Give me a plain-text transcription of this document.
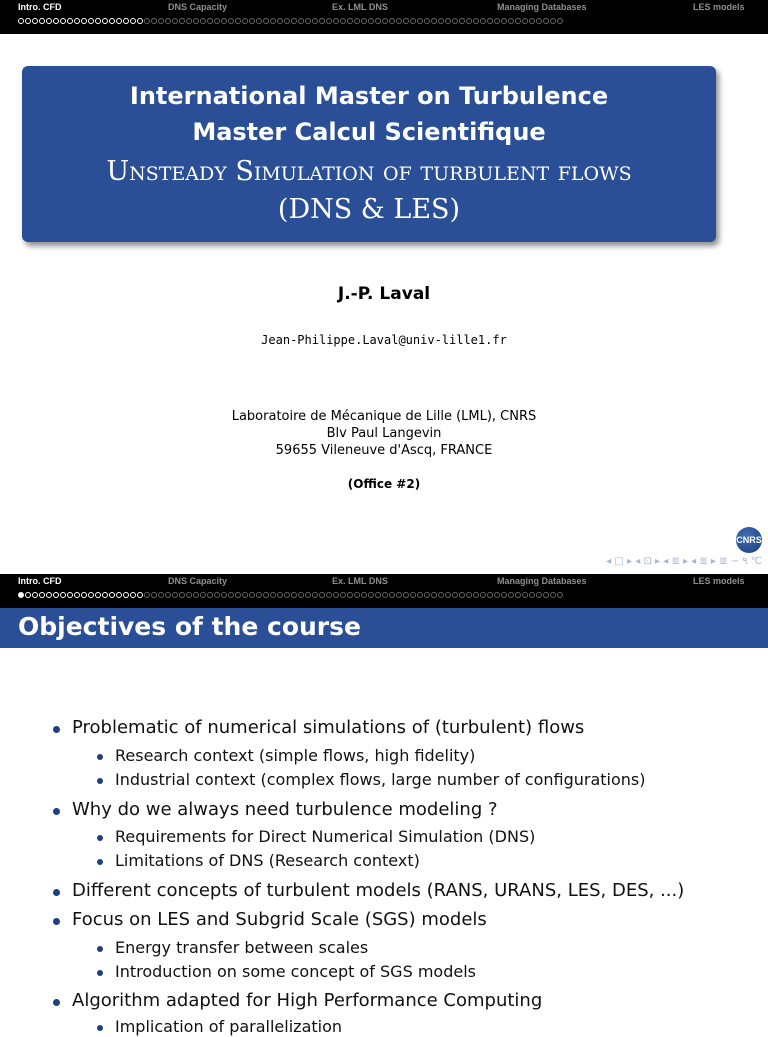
Intro. CFD	DNS Capacity	Ex. LML DNS	Managing Databases	LES models
International Master on Turbulence
Master Calcul Scientifique
Unsteady Simulation of turbulent flows
(DNS & LES)
J.-P. Laval
Jean-Philippe.Laval@univ-lille1.fr
Laboratoire de Mécanique de Lille (LML), CNRS
Blv Paul Langevin
59655 Vileneuve d'Ascq, FRANCE
(Office #2)
CNRS
◂ □ ▸ ◂ ⊡ ▸ ◂ ≣ ▸ ◂ ≣ ▸ ≣ ∽ ۹ ℃
Intro. CFD	DNS Capacity	Ex. LML DNS	Managing Databases	LES models
Objectives of the course
Problematic of numerical simulations of (turbulent) flows
Research context (simple flows, high fidelity)
Industrial context (complex flows, large number of configurations)
Why do we always need turbulence modeling ?
Requirements for Direct Numerical Simulation (DNS)
Limitations of DNS (Research context)
Different concepts of turbulent models (RANS, URANS, LES, DES, ...)
Focus on LES and Subgrid Scale (SGS) models
Energy transfer between scales
Introduction on some concept of SGS models
Algorithm adapted for High Performance Computing
Implication of parallelization
